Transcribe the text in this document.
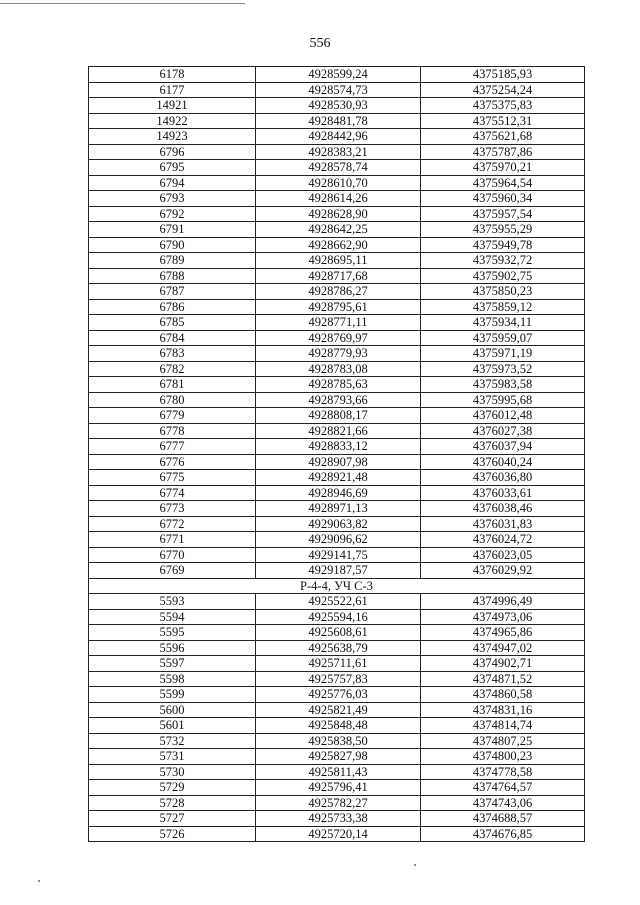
556
6178	4928599,24	4375185,93
6177	4928574,73	4375254,24
14921	4928530,93	4375375,83
14922	4928481,78	4375512,31
14923	4928442,96	4375621,68
6796	4928383,21	4375787,86
6795	4928578,74	4375970,21
6794	4928610,70	4375964,54
6793	4928614,26	4375960,34
6792	4928628,90	4375957,54
6791	4928642,25	4375955,29
6790	4928662,90	4375949,78
6789	4928695,11	4375932,72
6788	4928717,68	4375902,75
6787	4928786,27	4375850,23
6786	4928795,61	4375859,12
6785	4928771,11	4375934,11
6784	4928769,97	4375959,07
6783	4928779,93	4375971,19
6782	4928783,08	4375973,52
6781	4928785,63	4375983,58
6780	4928793,66	4375995,68
6779	4928808,17	4376012,48
6778	4928821,66	4376027,38
6777	4928833,12	4376037,94
6776	4928907,98	4376040,24
6775	4928921,48	4376036,80
6774	4928946,69	4376033,61
6773	4928971,13	4376038,46
6772	4929063,82	4376031,83
6771	4929096,62	4376024,72
6770	4929141,75	4376023,05
6769	4929187,57	4376029,92
Р-4-4, УЧ С-3		
5593	4925522,61	4374996,49
5594	4925594,16	4374973,06
5595	4925608,61	4374965,86
5596	4925638,79	4374947,02
5597	4925711,61	4374902,71
5598	4925757,83	4374871,52
5599	4925776,03	4374860,58
5600	4925821,49	4374831,16
5601	4925848,48	4374814,74
5732	4925838,50	4374807,25
5731	4925827,98	4374800,23
5730	4925811,43	4374778,58
5729	4925796,41	4374764,57
5728	4925782,27	4374743,06
5727	4925733,38	4374688,57
5726	4925720,14	4374676,85
